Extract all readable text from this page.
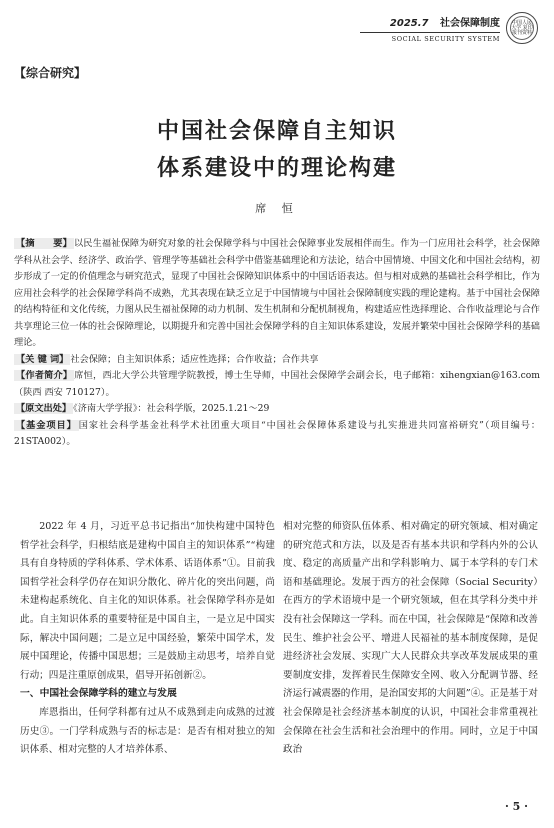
2025.7 社会保障制度
SOCIAL SECURITY SYSTEM
中国人民大学 复印报刊资料
【综合研究】
中国社会保障自主知识
体系建设中的理论构建
席 恒

【摘　　要】 以民生福祉保障为研究对象的社会保障学科与中国社会保障事业发展相伴而生。作为一门应用社会科学，社会保障学科从社会学、经济学、政治学、管理学等基础社会科学中借鉴基础理论和方法论，结合中国情境、中国文化和中国社会结构，初步形成了一定的价值理念与研究范式，显现了中国社会保障知识体系中的中国话语表达。但与相对成熟的基础社会科学相比，作为应用社会科学的社会保障学科尚不成熟，尤其表现在缺乏立足于中国情境与中国社会保障制度实践的理论建构。基于中国社会保障的结构特征和文化传统，力图从民生福祉保障的动力机制、发生机制和分配机制视角，构建适应性选择理论、合作收益理论与合作共享理论三位一体的社会保障理论，以期提升和完善中国社会保障学科的自主知识体系建设，发展并繁荣中国社会保障学科的基础理论。

【关 键 词】 社会保障；自主知识体系；适应性选择；合作收益；合作共享

【作者简介】 席恒，西北大学公共管理学院教授，博士生导师，中国社会保障学会副会长，电子邮箱：xihengxian@163.com（陕西 西安 710127）。

【原文出处】 《济南大学学报》：社会科学版，2025.1.21～29

【基金项目】 国家社会科学基金社科学术社团重大项目“中国社会保障体系建设与扎实推进共同富裕研究”（项目编号：21STA002）。

2022 年 4 月，习近平总书记指出“加快构建中国特色哲学社会科学，归根结底是建构中国自主的知识体系”“构建具有自身特质的学科体系、学术体系、话语体系”①。目前我国哲学社会科学仍存在知识分散化、碎片化的突出问题，尚未建构起系统化、自主化的知识体系。社会保障学科亦是如此。自主知识体系的重要特征是中国自主，一是立足中国实际，解决中国问题；二是立足中国经验，繁荣中国学术，发展中国理论，传播中国思想；三是鼓励主动思考，培养自觉行动；四是注重原创成果，倡导开拓创新②。

一、中国社会保障学科的建立与发展

库恩指出，任何学科都有过从不成熟到走向成熟的过渡历史③。一门学科成熟与否的标志是：是否有相对独立的知识体系、相对完整的人才培养体系、

相对完整的师资队伍体系、相对确定的研究领域、相对确定的研究范式和方法，以及是否有基本共识和学科内外的公认度、稳定的高质量产出和学科影响力、属于本学科的专门术语和基础理论。发展于西方的社会保障（Social Security）在西方的学术语境中是一个研究领域，但在其学科分类中并没有社会保障这一学科。而在中国，社会保障是“保障和改善民生、维护社会公平、增进人民福祉的基本制度保障，是促进经济社会发展、实现广大人民群众共享改革发展成果的重要制度安排，发挥着民生保障安全网、收入分配调节器、经济运行减震器的作用，是治国安邦的大问题”④。正是基于对社会保障是社会经济基本制度的认识，中国社会非常重视社会保障在社会生活和社会治理中的作用。同时，立足于中国政治

· 5 ·
